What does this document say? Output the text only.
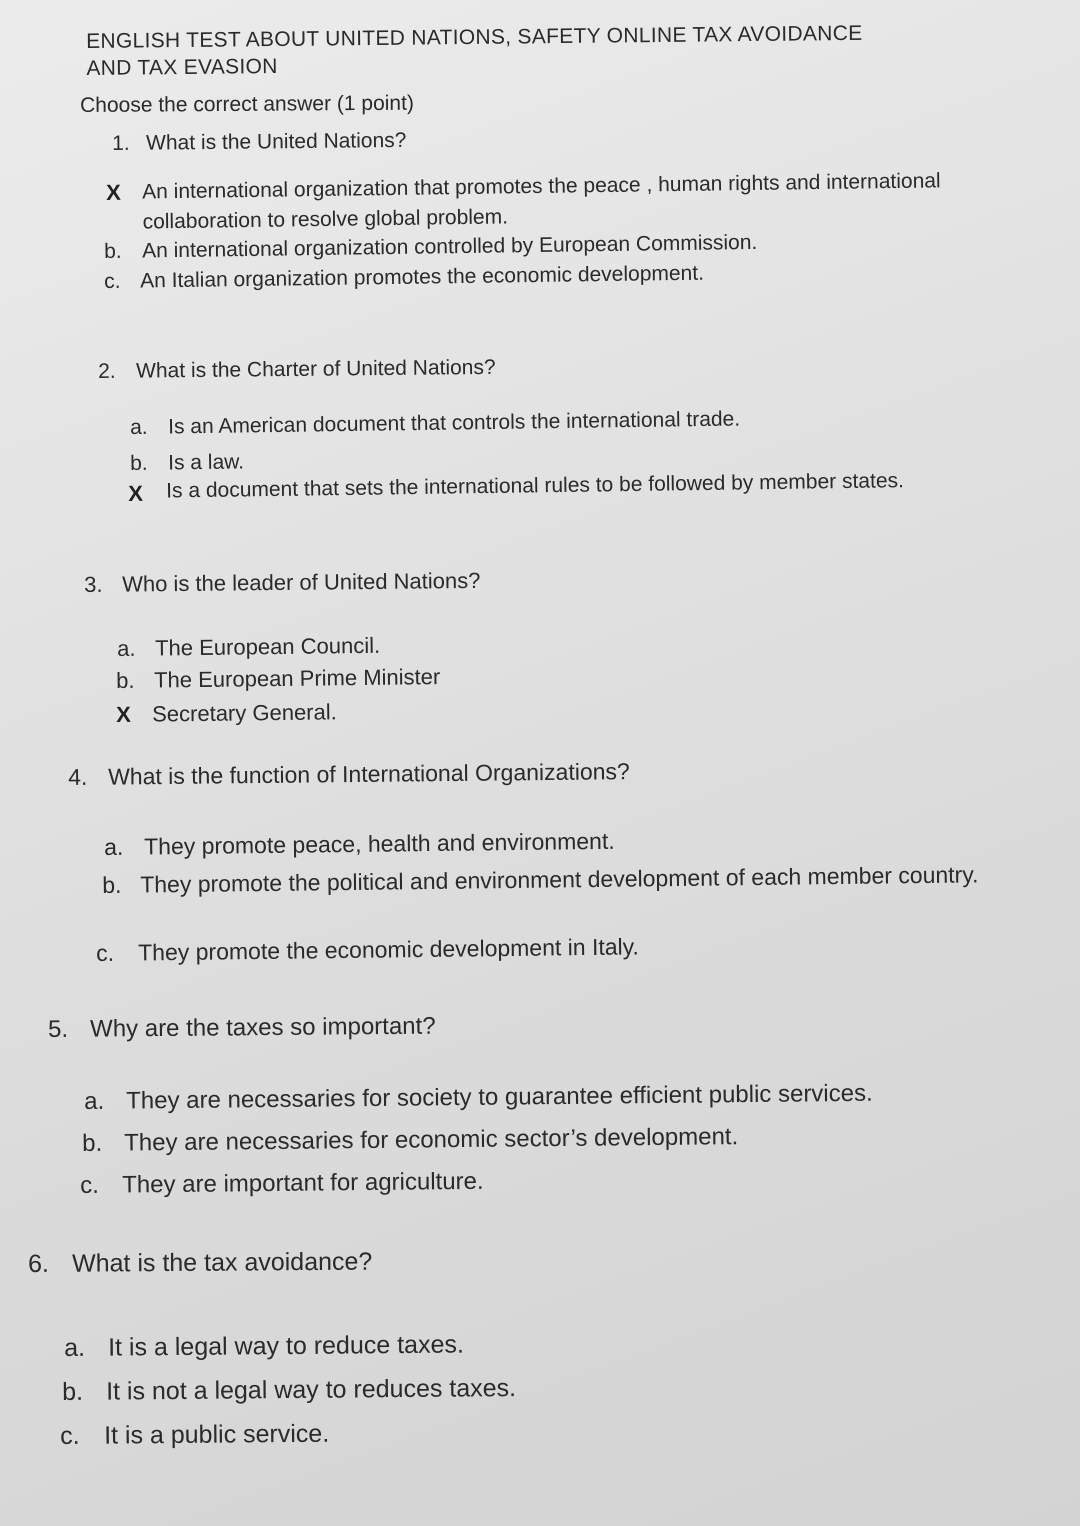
ENGLISH TEST ABOUT UNITED NATIONS, SAFETY ONLINE TAX AVOIDANCE
AND TAX EVASION
Choose the correct answer (1 point)
1. What is the United Nations?
An international organization that promotes the peace , human rights and international collaboration to resolve global problem.
X
b. An international organization controlled by European Commission.
c. An Italian organization promotes the economic development.
2. What is the Charter of United Nations?
a. Is an American document that controls the international trade.
b. Is a law.
Is a document that sets the international rules to be followed by member states.
X
3. Who is the leader of United Nations?
a. The European Council.
b. The European Prime Minister
Secretary General.
X
4. What is the function of International Organizations?
a. They promote peace, health and environment.
b. They promote the political and environment development of each member country.
c. They promote the economic development in Italy.
5. Why are the taxes so important?
a. They are necessaries for society to guarantee efficient public services.
b. They are necessaries for economic sector’s development.
c. They are important for agriculture.
6. What is the tax avoidance?
a. It is a legal way to reduce taxes.
b. It is not a legal way to reduces taxes.
c. It is a public service.
